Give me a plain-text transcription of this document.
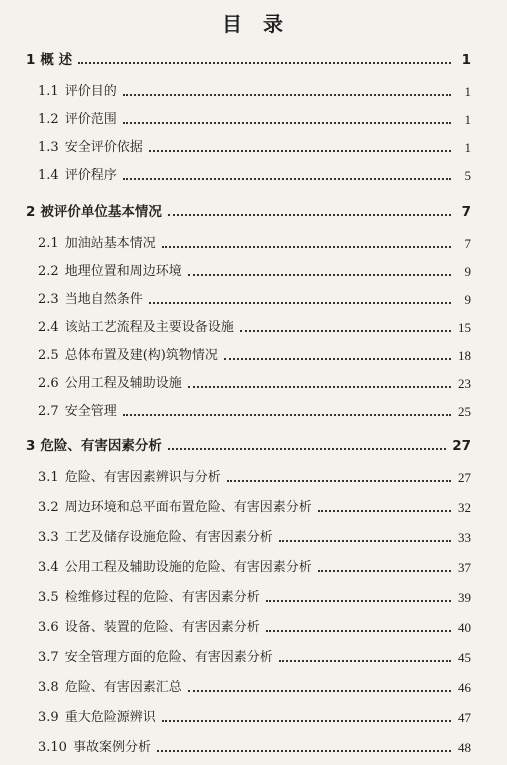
目 录
1 概 述	1
1.1 评价目的	1
1.2 评价范围	1
1.3 安全评价依据	1
1.4 评价程序	5
2 被评价单位基本情况	7
2.1 加油站基本情况	7
2.2 地理位置和周边环境	9
2.3 当地自然条件	9
2.4 该站工艺流程及主要设备设施	15
2.5 总体布置及建(构)筑物情况	18
2.6 公用工程及辅助设施	23
2.7 安全管理	25
3 危险、有害因素分析	27
3.1 危险、有害因素辨识与分析	27
3.2 周边环境和总平面布置危险、有害因素分析	32
3.3 工艺及储存设施危险、有害因素分析	33
3.4 公用工程及辅助设施的危险、有害因素分析	37
3.5 检维修过程的危险、有害因素分析	39
3.6 设备、装置的危险、有害因素分析	40
3.7 安全管理方面的危险、有害因素分析	45
3.8 危险、有害因素汇总	46
3.9 重大危险源辨识	47
3.10 事故案例分析	48
